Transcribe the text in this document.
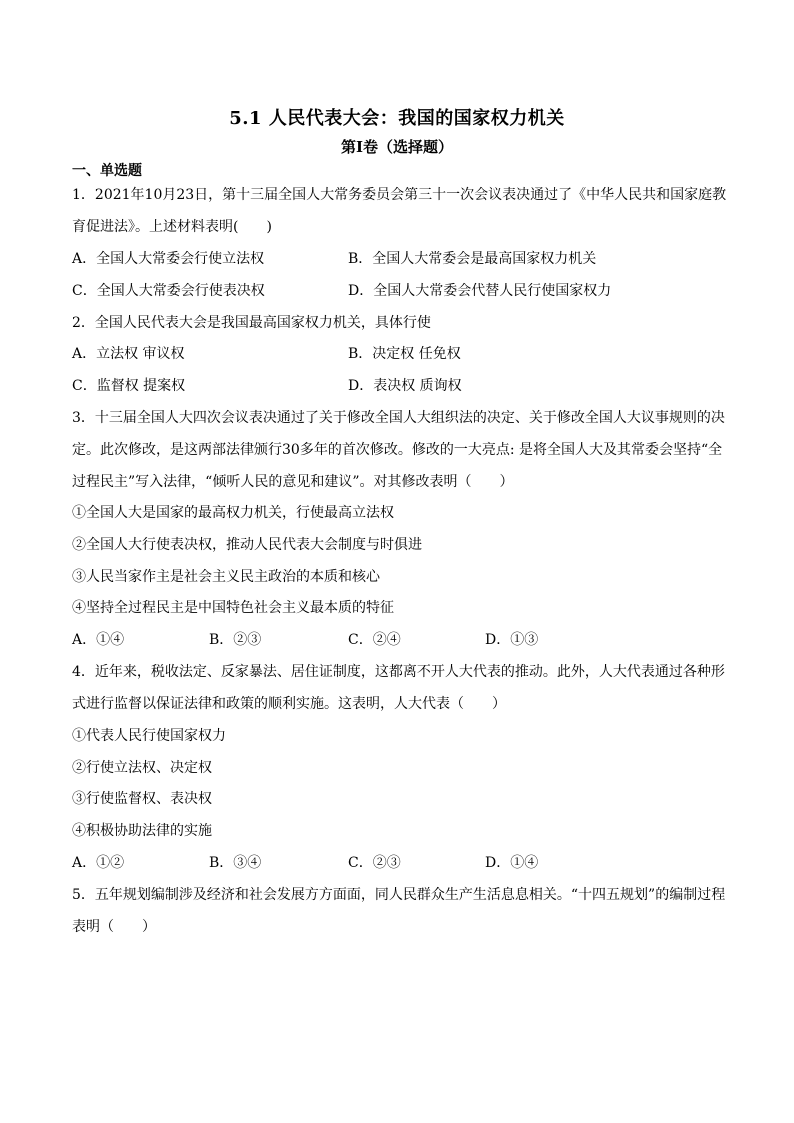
5.1 人民代表大会：我国的国家权力机关
第I卷（选择题）
一、单选题
1．2021年10月23日，第十三届全国人大常务委员会第三十一次会议表决通过了《中华人民共和国家庭教
育促进法》。上述材料表明(　　)
A．全国人大常委会行使立法权	B．全国人大常委会是最高国家权力机关
C．全国人大常委会行使表决权	D．全国人大常委会代替人民行使国家权力
2．全国人民代表大会是我国最高国家权力机关，具体行使
A．立法权 审议权	B．决定权 任免权
C．监督权 提案权	D．表决权 质询权
3．十三届全国人大四次会议表决通过了关于修改全国人大组织法的决定、关于修改全国人大议事规则的决
定。此次修改，是这两部法律颁行30多年的首次修改。修改的一大亮点: 是将全国人大及其常委会坚持“全
过程民主”写入法律，“倾听人民的意见和建议”。对其修改表明（　　）
①全国人大是国家的最高权力机关，行使最高立法权
②全国人大行使表决权，推动人民代表大会制度与时俱进
③人民当家作主是社会主义民主政治的本质和核心
④坚持全过程民主是中国特色社会主义最本质的特征
A．①④	B．②③	C．②④	D．①③
4．近年来，税收法定、反家暴法、居住证制度，这都离不开人大代表的推动。此外，人大代表通过各种形
式进行监督以保证法律和政策的顺利实施。这表明，人大代表（　　）
①代表人民行使国家权力
②行使立法权、决定权
③行使监督权、表决权
④积极协助法律的实施
A．①②	B．③④	C．②③	D．①④
5．五年规划编制涉及经济和社会发展方方面面，同人民群众生产生活息息相关。“十四五规划”的编制过程
表明（　　）
